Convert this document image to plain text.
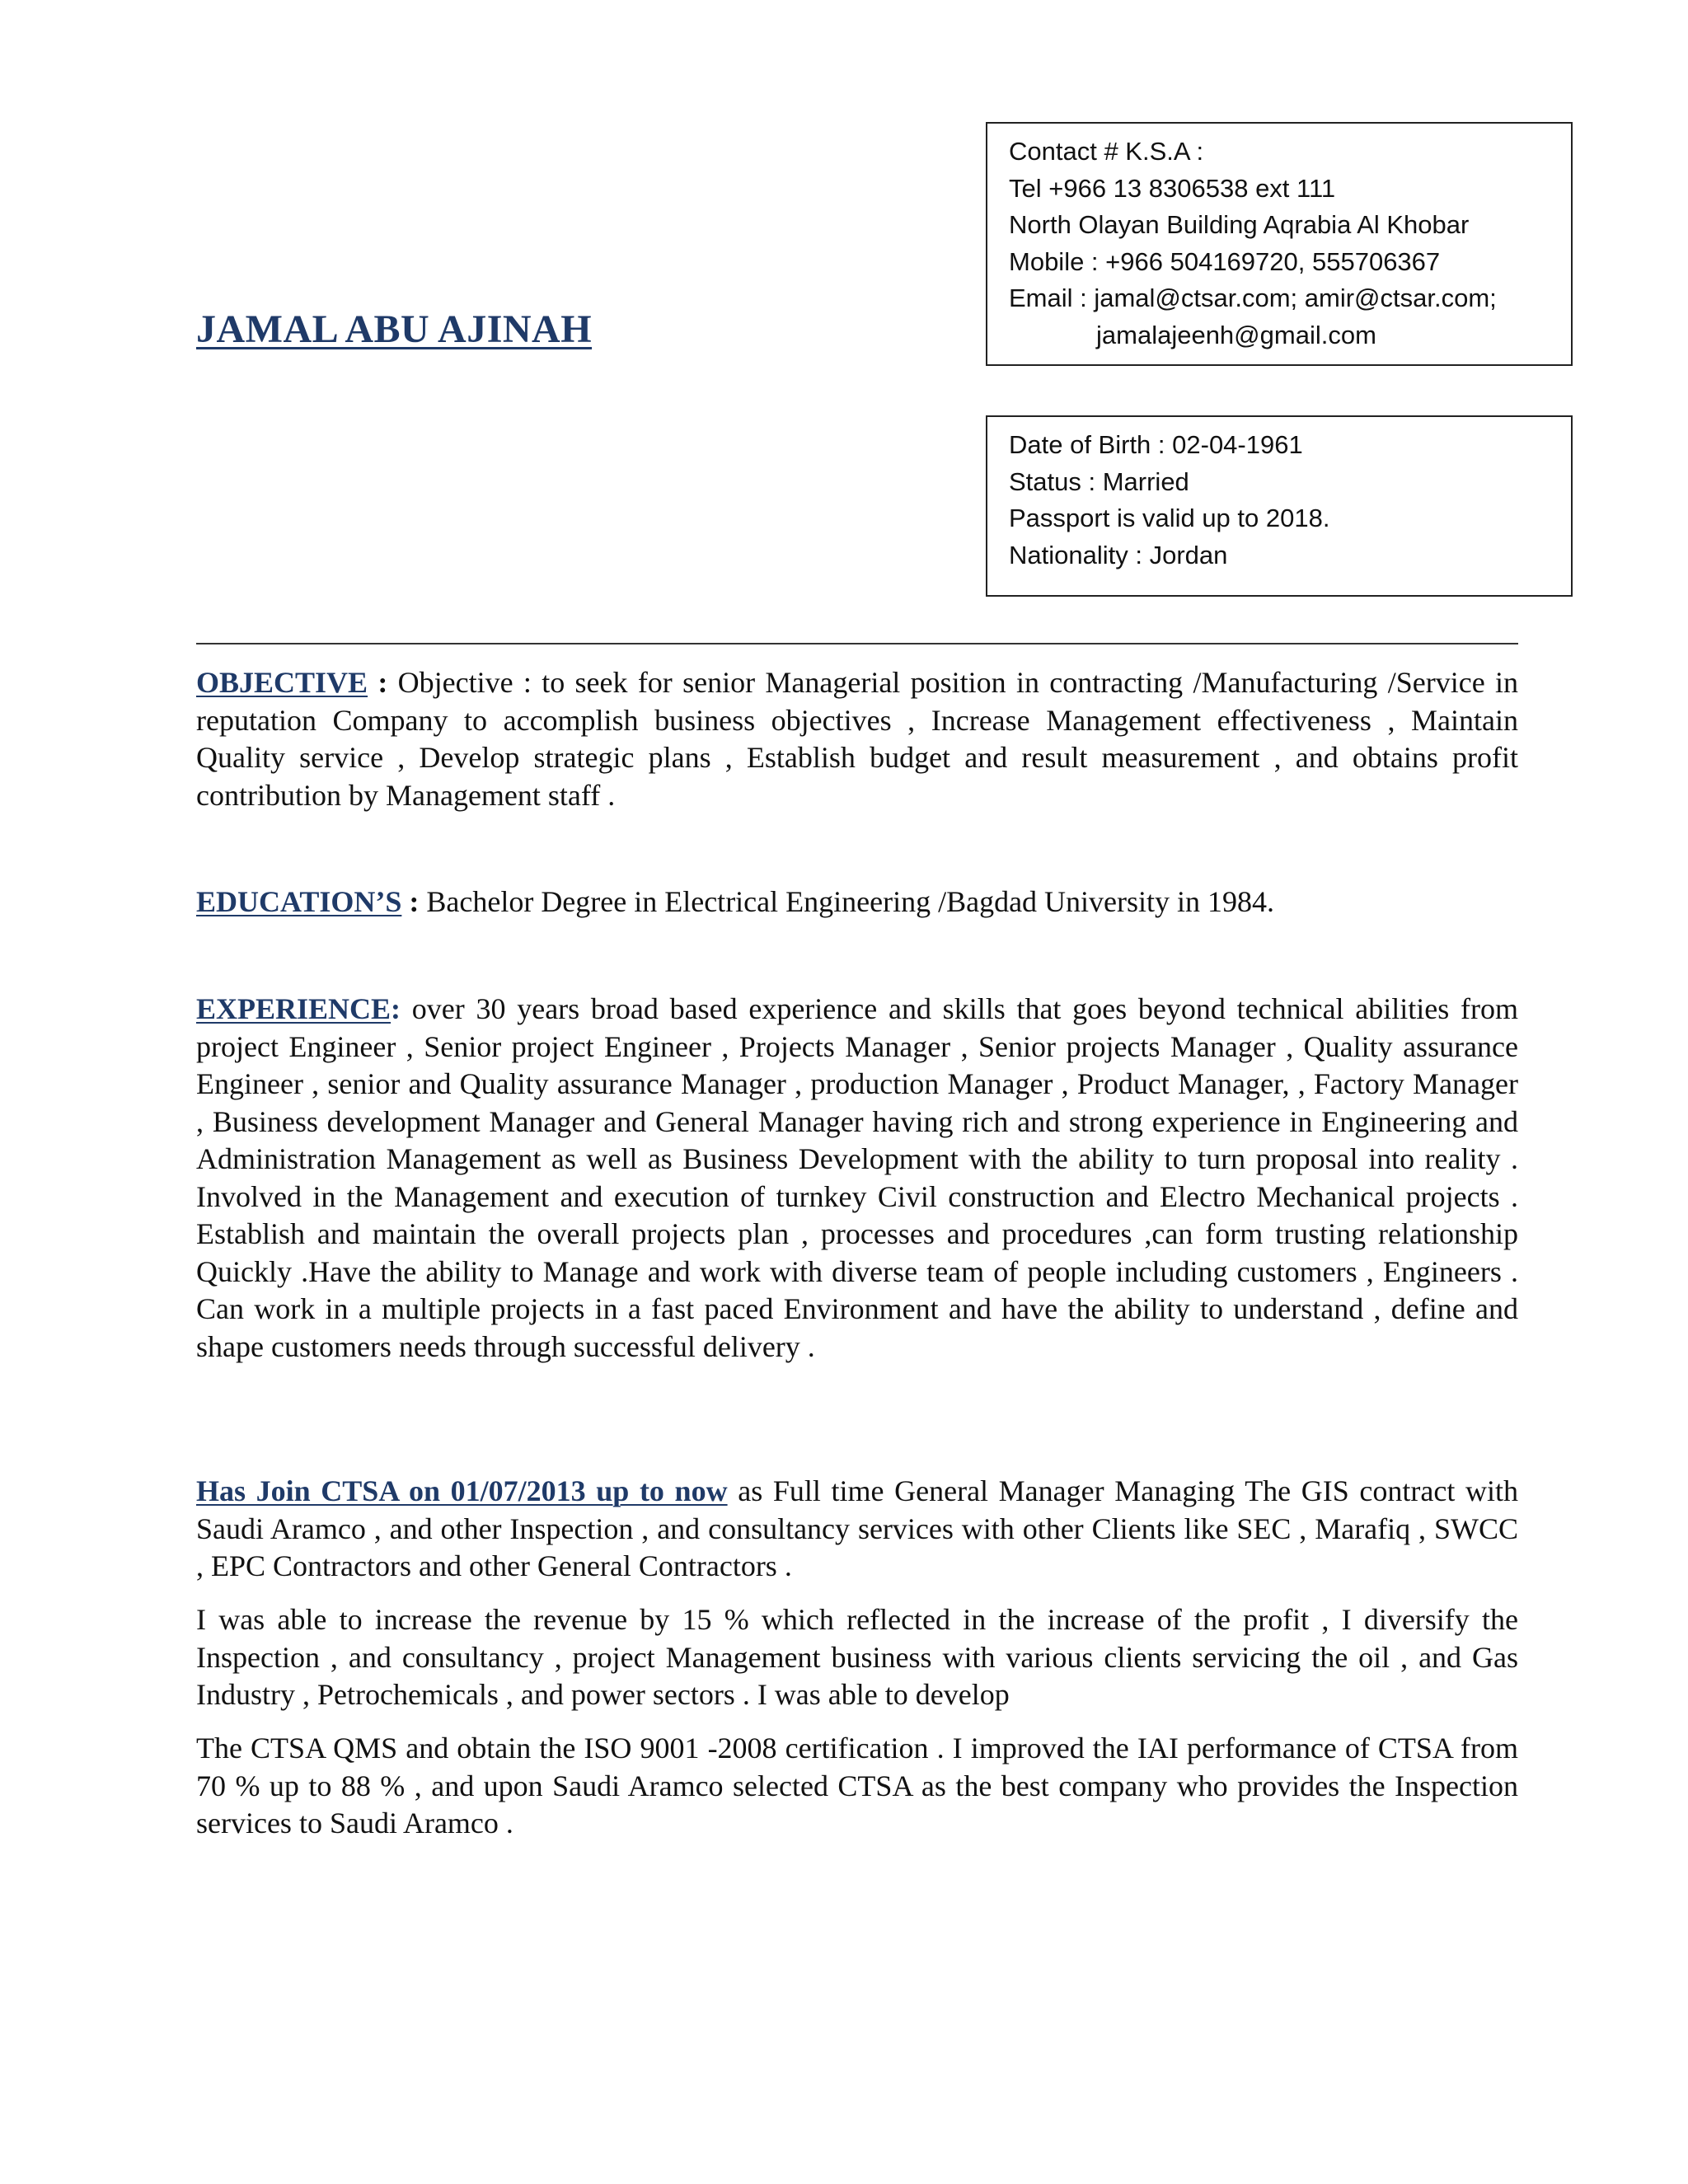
JAMAL ABU AJINAH
Contact # K.S.A :
Tel +966 13 8306538 ext 111
North Olayan Building Aqrabia Al Khobar
Mobile : +966 504169720, 555706367
Email : jamal@ctsar.com; amir@ctsar.com;
jamalajeenh@gmail.com
Date of Birth : 02-04-1961
Status : Married
Passport is valid up to 2018.
Nationality : Jordan

OBJECTIVE : Objective : to seek for senior Managerial position in contracting /Manufacturing /Service in reputation Company to accomplish business objectives , Increase Management effectiveness , Maintain Quality service , Develop strategic plans , Establish budget and result measurement , and obtains profit contribution by Management staff .

EDUCATION’S : Bachelor Degree in Electrical Engineering /Bagdad University in 1984.

EXPERIENCE: over 30 years broad based experience and skills that goes beyond technical abilities from project Engineer , Senior project Engineer , Projects Manager , Senior projects Manager , Quality assurance Engineer , senior and Quality assurance Manager , production Manager , Product Manager, , Factory Manager , Business development Manager and General Manager having rich and strong experience in Engineering and Administration Management as well as Business Development with the ability to turn proposal into reality . Involved in the Management and execution of turnkey Civil construction and Electro Mechanical projects . Establish and maintain the overall projects plan , processes and procedures ,can form trusting relationship Quickly .Have the ability to Manage and work with diverse team of people including customers , Engineers . Can work in a multiple projects in a fast paced Environment and have the ability to understand , define and shape customers needs through successful delivery .

Has Join CTSA on 01/07/2013 up to now as Full time General Manager Managing The GIS contract with Saudi Aramco , and other Inspection , and consultancy services with other Clients like SEC , Marafiq , SWCC , EPC Contractors and other General Contractors .

I was able to increase the revenue by 15 % which reflected in the increase of the profit , I diversify the Inspection , and consultancy , project Management business with various clients servicing the oil , and Gas Industry , Petrochemicals , and power sectors . I was able to develop

The CTSA QMS and obtain the ISO 9001 -2008 certification . I improved the IAI performance of CTSA from 70 % up to 88 % , and upon Saudi Aramco selected CTSA as the best company who provides the Inspection services to Saudi Aramco .
